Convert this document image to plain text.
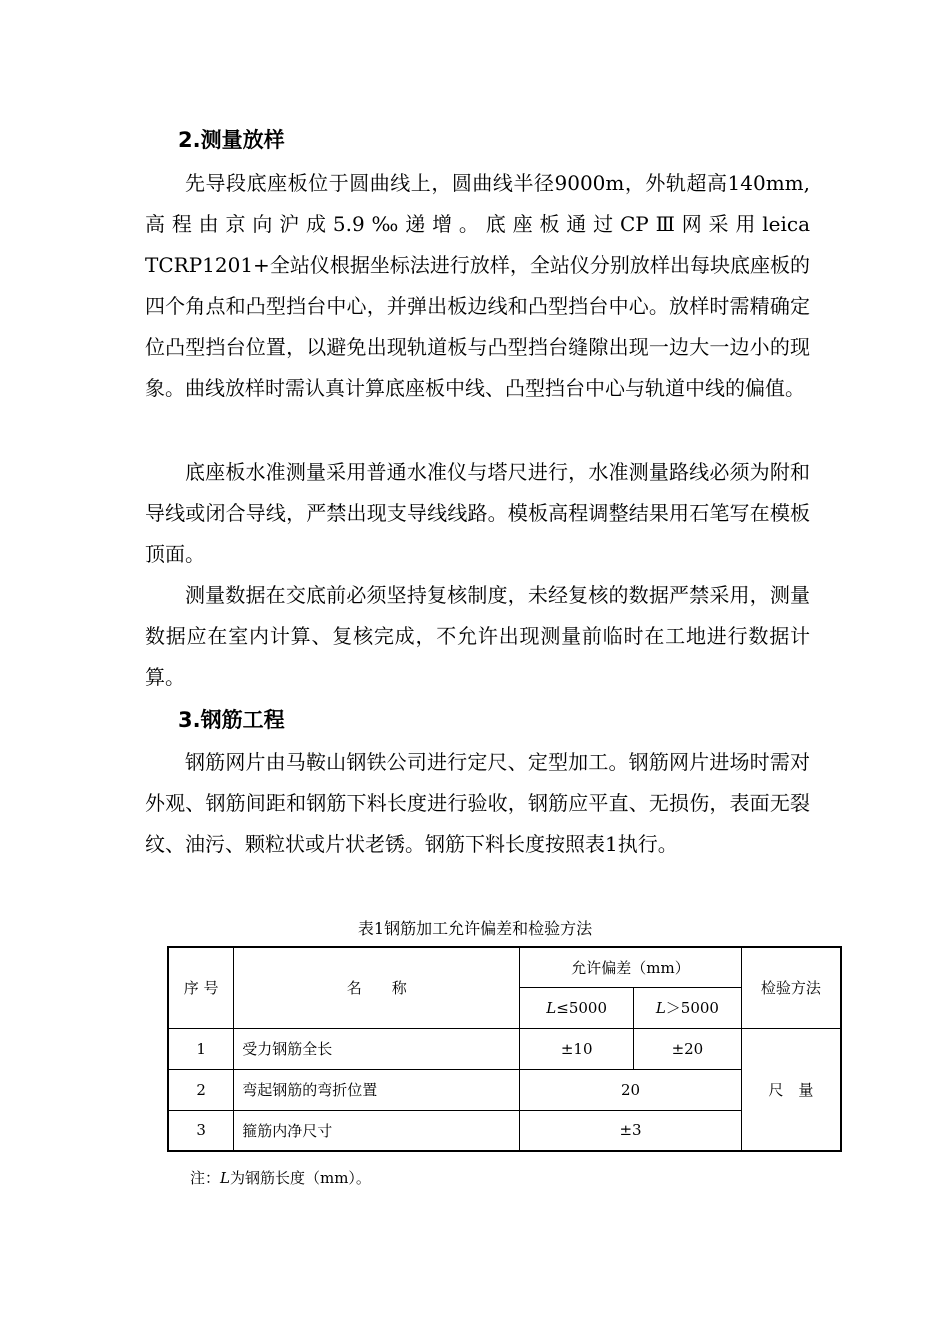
2.测量放样

先导段底座板位于圆曲线上，圆曲线半径9000m，外轨超高140mm,高程由京向沪成5.9‰递增。底座板通过CPⅢ网采用leica TCRP1201+全站仪根据坐标法进行放样，全站仪分别放样出每块底座板的四个角点和凸型挡台中心，并弹出板边线和凸型挡台中心。放样时需精确定位凸型挡台位置，以避免出现轨道板与凸型挡台缝隙出现一边大一边小的现象。曲线放样时需认真计算底座板中线、凸型挡台中心与轨道中线的偏值。

底座板水准测量采用普通水准仪与塔尺进行，水准测量路线必须为附和导线或闭合导线，严禁出现支导线线路。模板高程调整结果用石笔写在模板顶面。

测量数据在交底前必须坚持复核制度，未经复核的数据严禁采用，测量数据应在室内计算、复核完成，不允许出现测量前临时在工地进行数据计算。

3.钢筋工程

钢筋网片由马鞍山钢铁公司进行定尺、定型加工。钢筋网片进场时需对外观、钢筋间距和钢筋下料长度进行验收，钢筋应平直、无损伤，表面无裂纹、油污、颗粒状或片状老锈。钢筋下料长度按照表1执行。

表1钢筋加工允许偏差和检验方法
序 号	名　　称	允许偏差（mm）		检验方法
		L≤5000	L＞5000	
1	受力钢筋全长	±10	±20	尺　量
2	弯起钢筋的弯折位置	20		
3	箍筋内净尺寸	±3		
注：L为钢筋长度（mm）。
